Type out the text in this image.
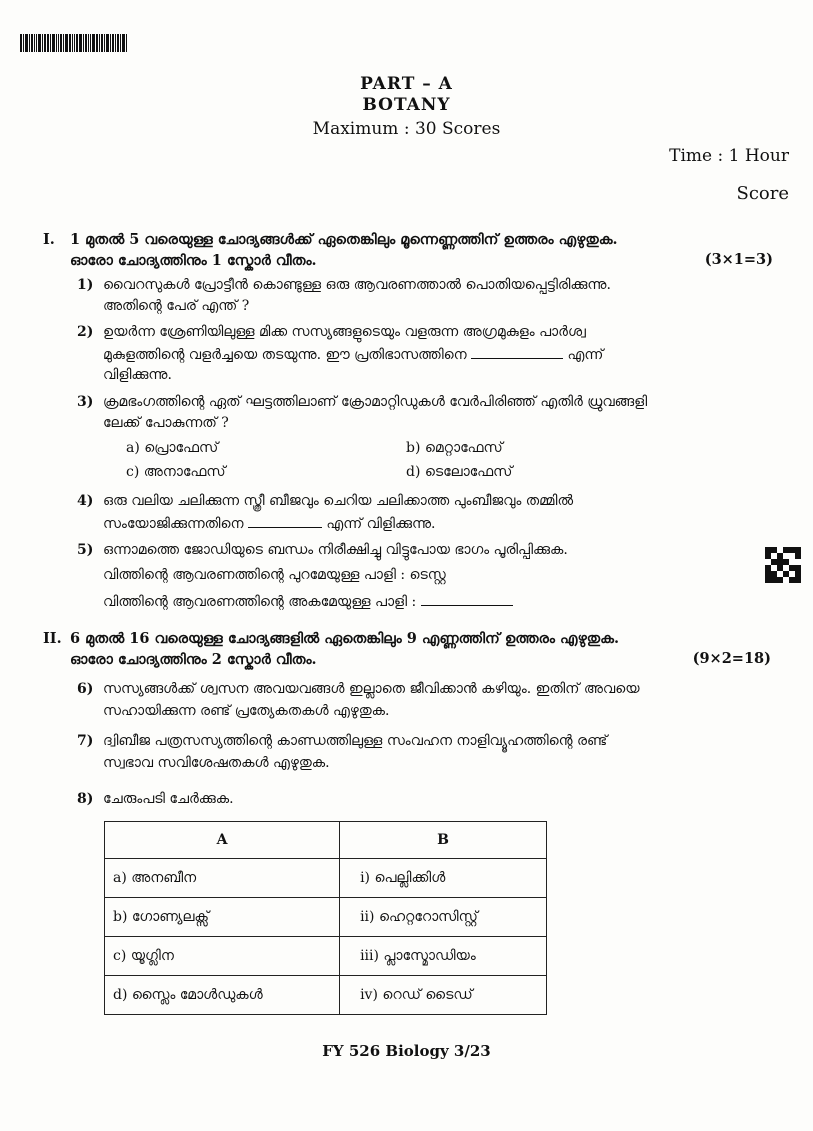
PART – A
BOTANY
Maximum : 30 Scores
Time : 1 Hour
Score
I. 1 മുതൽ 5 വരെയുള്ള ചോദ്യങ്ങൾക്ക് ഏതെങ്കിലും മൂന്നെണ്ണത്തിന് ഉത്തരം എഴുതുക.
ഓരോ ചോദ്യത്തിനും 1 സ്കോർ വീതം.	(3×1=3)
1) വൈറസുകൾ പ്രോട്ടീൻ കൊണ്ടുള്ള ഒരു ആവരണത്താൽ പൊതിയപ്പെട്ടിരിക്കുന്നു.
അതിന്റെ പേര് എന്ത് ?
2) ഉയർന്ന ശ്രേണിയിലുള്ള മിക്ക സസ്യങ്ങളുടെയും വളരുന്ന അഗ്രമുകുളം പാർശ്വ
മുകുളത്തിന്റെ വളർച്ചയെ തടയുന്നു. ഈ പ്രതിഭാസത്തിനെ	എന്ന്
വിളിക്കുന്നു.
3) ക്രമഭംഗത്തിന്റെ ഏത് ഘട്ടത്തിലാണ് ക്രോമാറ്റിഡുകൾ വേർപിരിഞ്ഞ് എതിർ ധ്രുവങ്ങളി
ലേക്ക് പോകുന്നത് ?
a) പ്രൊഫേസ്	b) മെറ്റാഫേസ്
c) അനാഫേസ്	d) ടെലോഫേസ്
4) ഒരു വലിയ ചലിക്കുന്ന സ്ത്രീ ബീജവും ചെറിയ ചലിക്കാത്ത പുംബീജവും തമ്മിൽ
സംയോജിക്കുന്നതിനെ	എന്ന് വിളിക്കുന്നു.
5) ഒന്നാമത്തെ ജോഡിയുടെ ബന്ധം നിരീക്ഷിച്ചു വിട്ടുപോയ ഭാഗം പൂരിപ്പിക്കുക.
വിത്തിന്റെ ആവരണത്തിന്റെ പുറമേയുള്ള പാളി : ടെസ്റ്റ
വിത്തിന്റെ ആവരണത്തിന്റെ അകമേയുള്ള പാളി :
II. 6 മുതൽ 16 വരെയുള്ള ചോദ്യങ്ങളിൽ ഏതെങ്കിലും 9 എണ്ണത്തിന് ഉത്തരം എഴുതുക.
ഓരോ ചോദ്യത്തിനും 2 സ്കോർ വീതം.	(9×2=18)
6) സസ്യങ്ങൾക്ക് ശ്വസന അവയവങ്ങൾ ഇല്ലാതെ ജീവിക്കാൻ കഴിയും. ഇതിന് അവയെ
സഹായിക്കുന്ന രണ്ട് പ്രത്യേകതകൾ എഴുതുക.
7) ദ്വിബീജ പത്രസസ്യത്തിന്റെ കാണ്ഡത്തിലുള്ള സംവഹന നാളിവ്യൂഹത്തിന്റെ രണ്ട്
സ്വഭാവ സവിശേഷതകൾ എഴുതുക.
8) ചേരുംപടി ചേർക്കുക.
A	B
a) അനബീന	i) പെല്ലിക്കിൾ
b) ഗോണ്യലക്സ്	ii) ഹെറ്ററോസിസ്റ്റ്
c) യൂഗ്ലിന	iii) പ്ലാസ്മോഡിയം
d) സ്ലൈം മോൾഡുകൾ	iv) റെഡ് ടൈഡ്
FY 526 Biology 3/23
